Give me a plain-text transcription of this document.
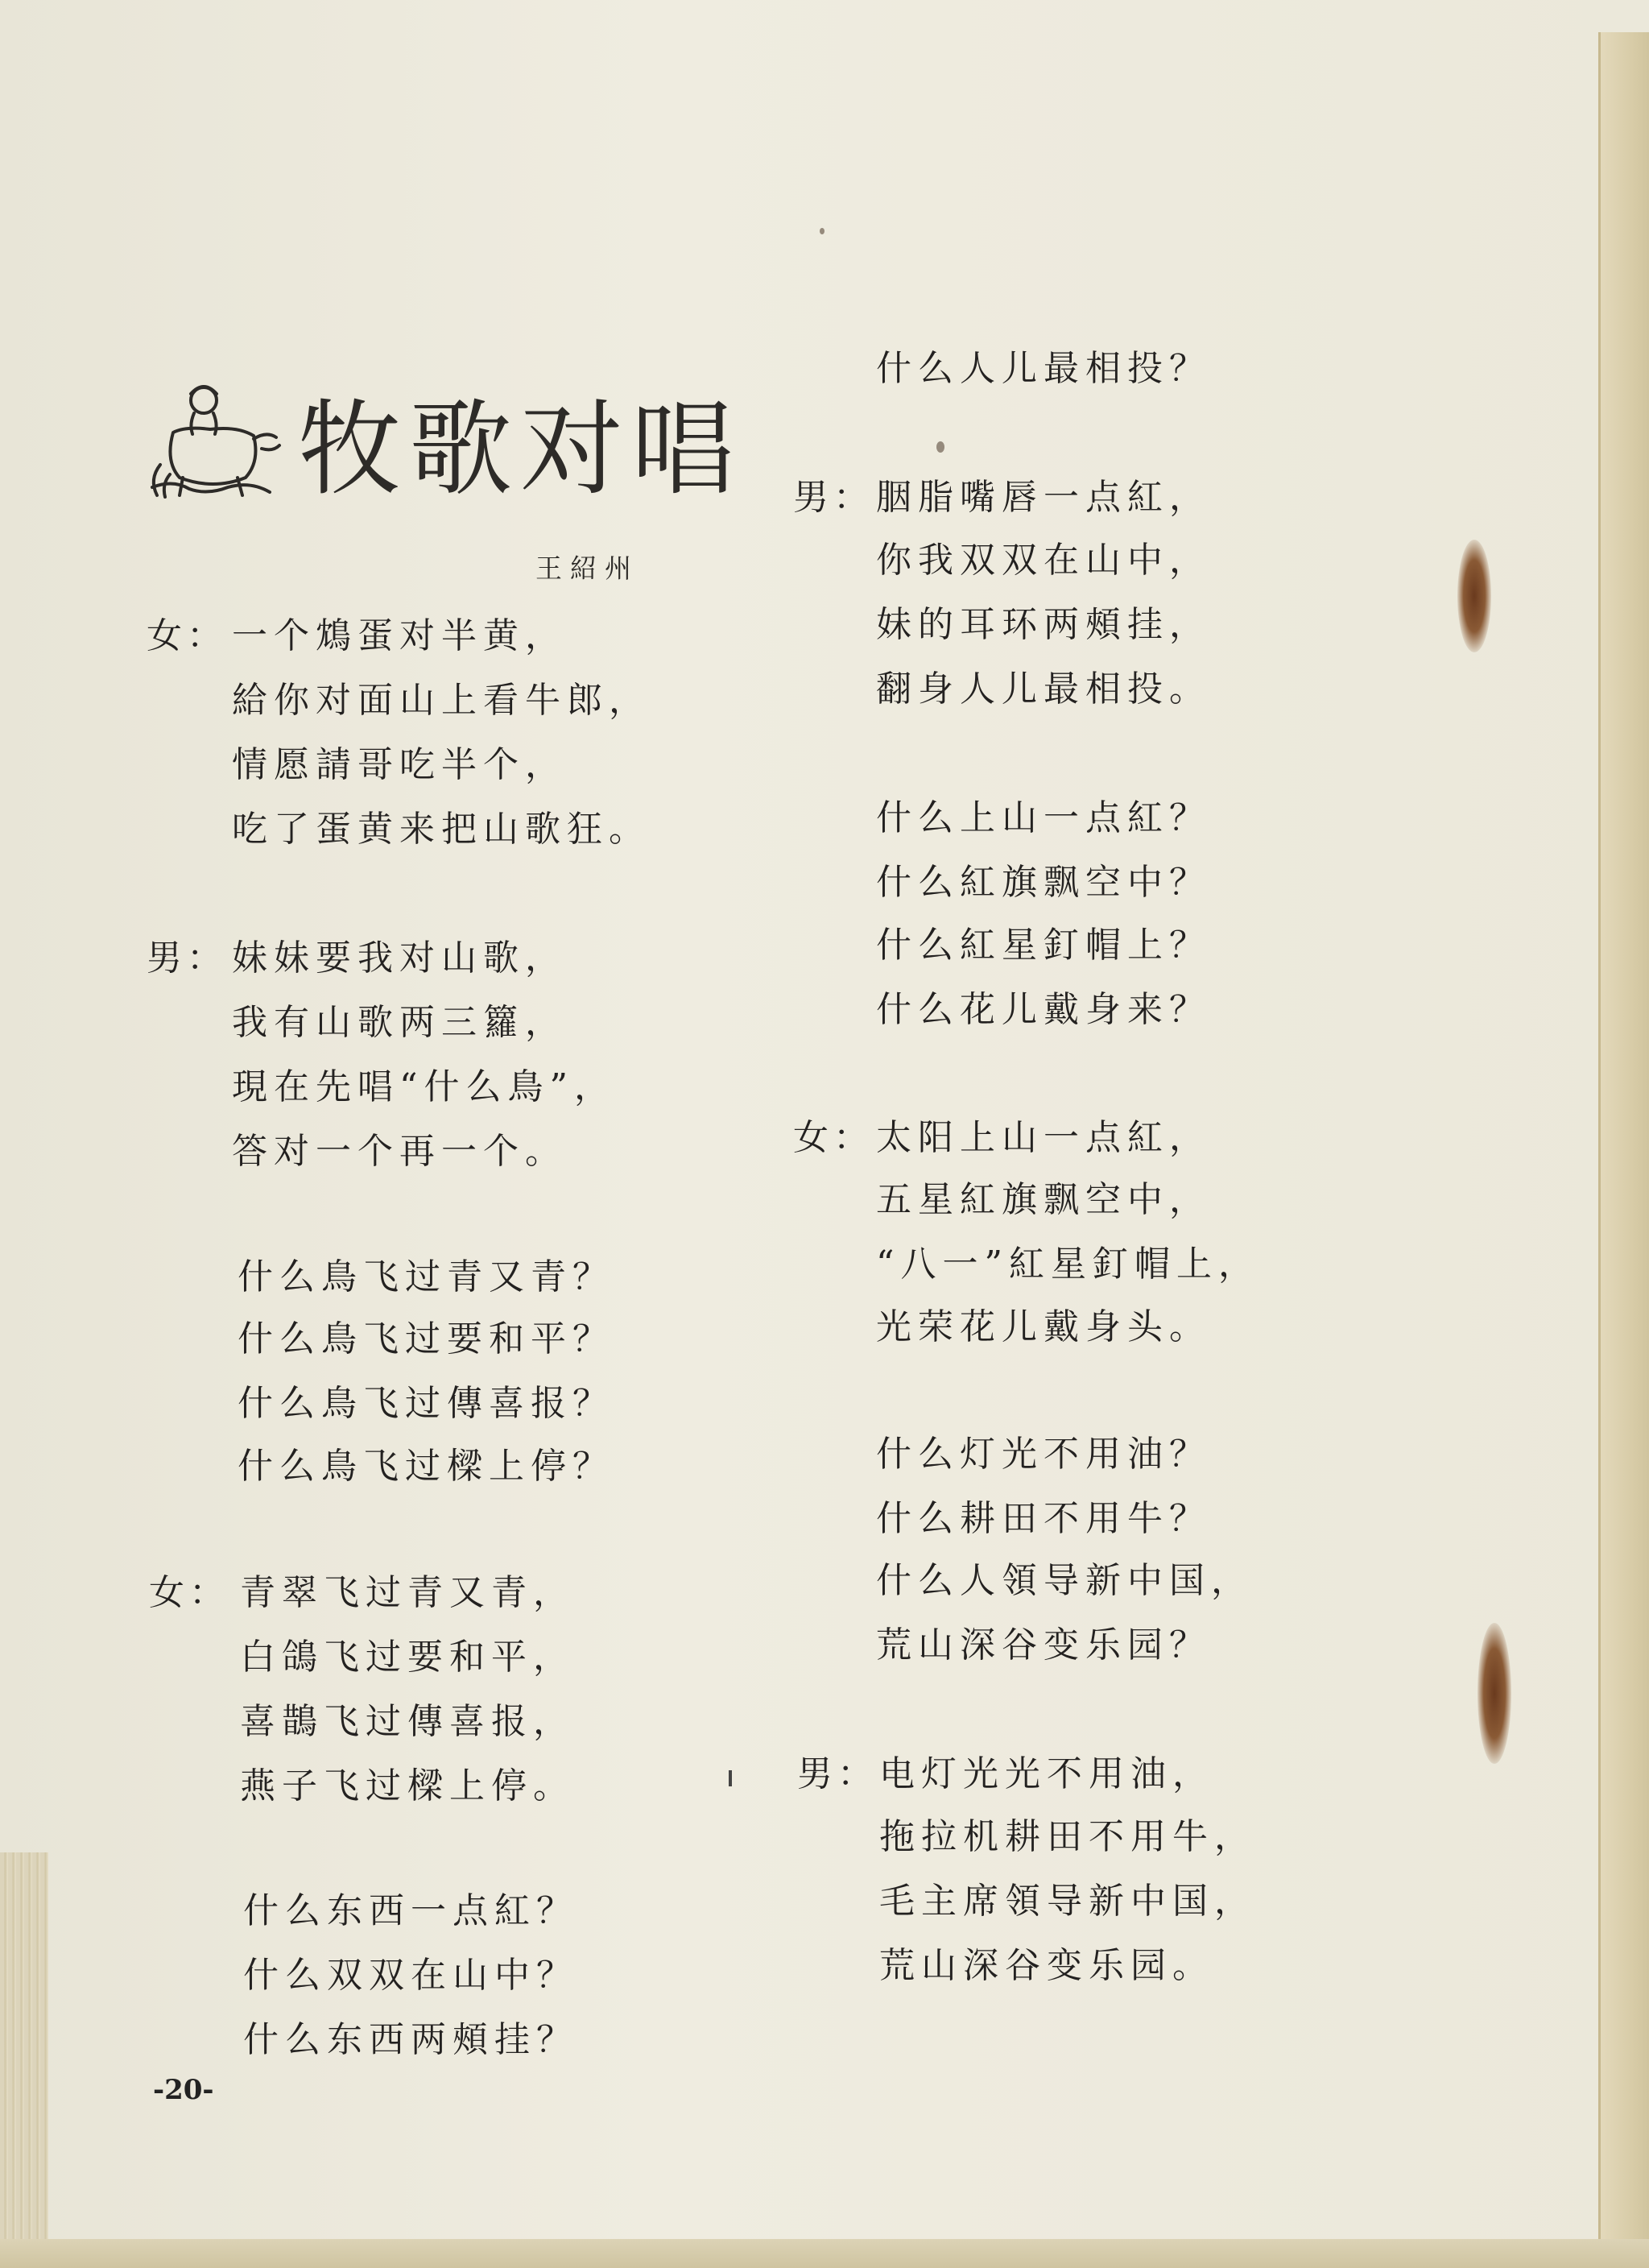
牧歌对唱
王紹州
女： 一个鴆蛋对半黄，
給你对面山上看牛郎，
情愿請哥吃半个，
吃了蛋黄来把山歌狂。
男： 妹妹要我对山歌，
我有山歌两三籮，
現在先唱“什么鳥”，
答对一个再一个。
什么鳥飞过青又青？
什么鳥飞过要和平？
什么鳥飞过傳喜报？
什么鳥飞过樑上停？
女： 青翠飞过青又青，
白鴿飞过要和平，
喜鵲飞过傳喜报，
燕子飞过樑上停。
什么东西一点紅？
什么双双在山中？
什么东西两頰挂？
-20-
什么人儿最相投？
男： 胭脂嘴唇一点紅，
你我双双在山中，
妹的耳环两頰挂，
翻身人儿最相投。
什么上山一点紅？
什么紅旗飘空中？
什么紅星釘帽上？
什么花儿戴身来？
女： 太阳上山一点紅，
五星紅旗飘空中，
“八一”紅星釘帽上，
光荣花儿戴身头。
什么灯光不用油？
什么耕田不用牛？
什么人領导新中国，
荒山深谷变乐园？
男： 电灯光光不用油，
拖拉机耕田不用牛，
毛主席領导新中国，
荒山深谷变乐园。
